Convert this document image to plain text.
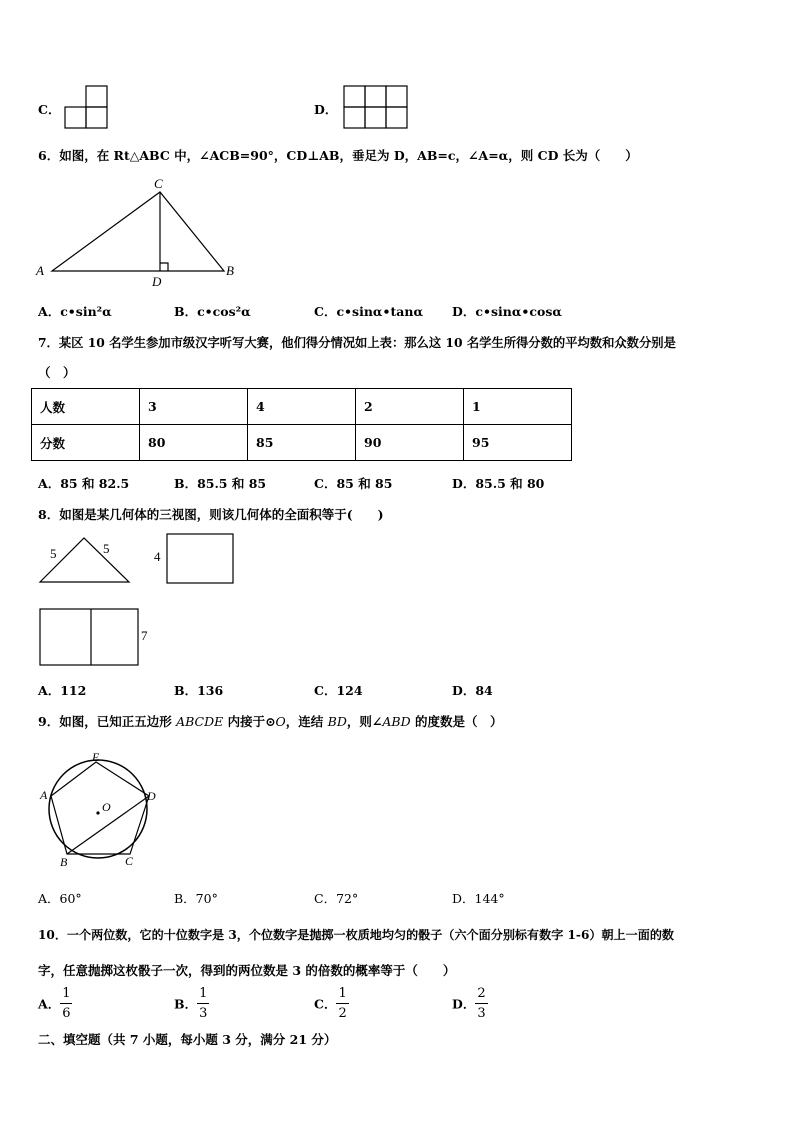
C．	D．
6．如图，在 Rt△ABC 中，∠ACB=90°，CD⊥AB，垂足为 D，AB=c，∠A=α，则 CD 长为（　　）
A
C
D
B
A．c•sin²α	B．c•cos²α	C．c•sinα•tanα D．c•sinα•cosα
7．某区 10 名学生参加市级汉字听写大赛，他们得分情况如上表：那么这 10 名学生所得分数的平均数和众数分别是
（　）
人数	3	4	2	1
分数	80	85	90	95
A．85 和 82.5	B．85.5 和 85	C．85 和 85	D．85.5 和 80
8．如图是某几何体的三视图，则该几何体的全面积等于(　　)
5	5
4
7
A．112	B．136	C．124	D．84
9．如图，已知正五边形 ABCDE 内接于⊙O，连结 BD，则∠ABD 的度数是（　）
E
A	D
O
B	C
A．60°	B．70°	C．72°	D．144°
10．一个两位数，它的十位数字是 3，个位数字是抛掷一枚质地均匀的骰子（六个面分别标有数字 1-6）朝上一面的数
字，任意抛掷这枚骰子一次，得到的两位数是 3 的倍数的概率等于（　　）
A． $\frac{1}{6}$	B． $\frac{1}{3}$	C． $\frac{1}{2}$	D． $\frac{2}{3}$
二、填空题（共 7 小题，每小题 3 分，满分 21 分）
